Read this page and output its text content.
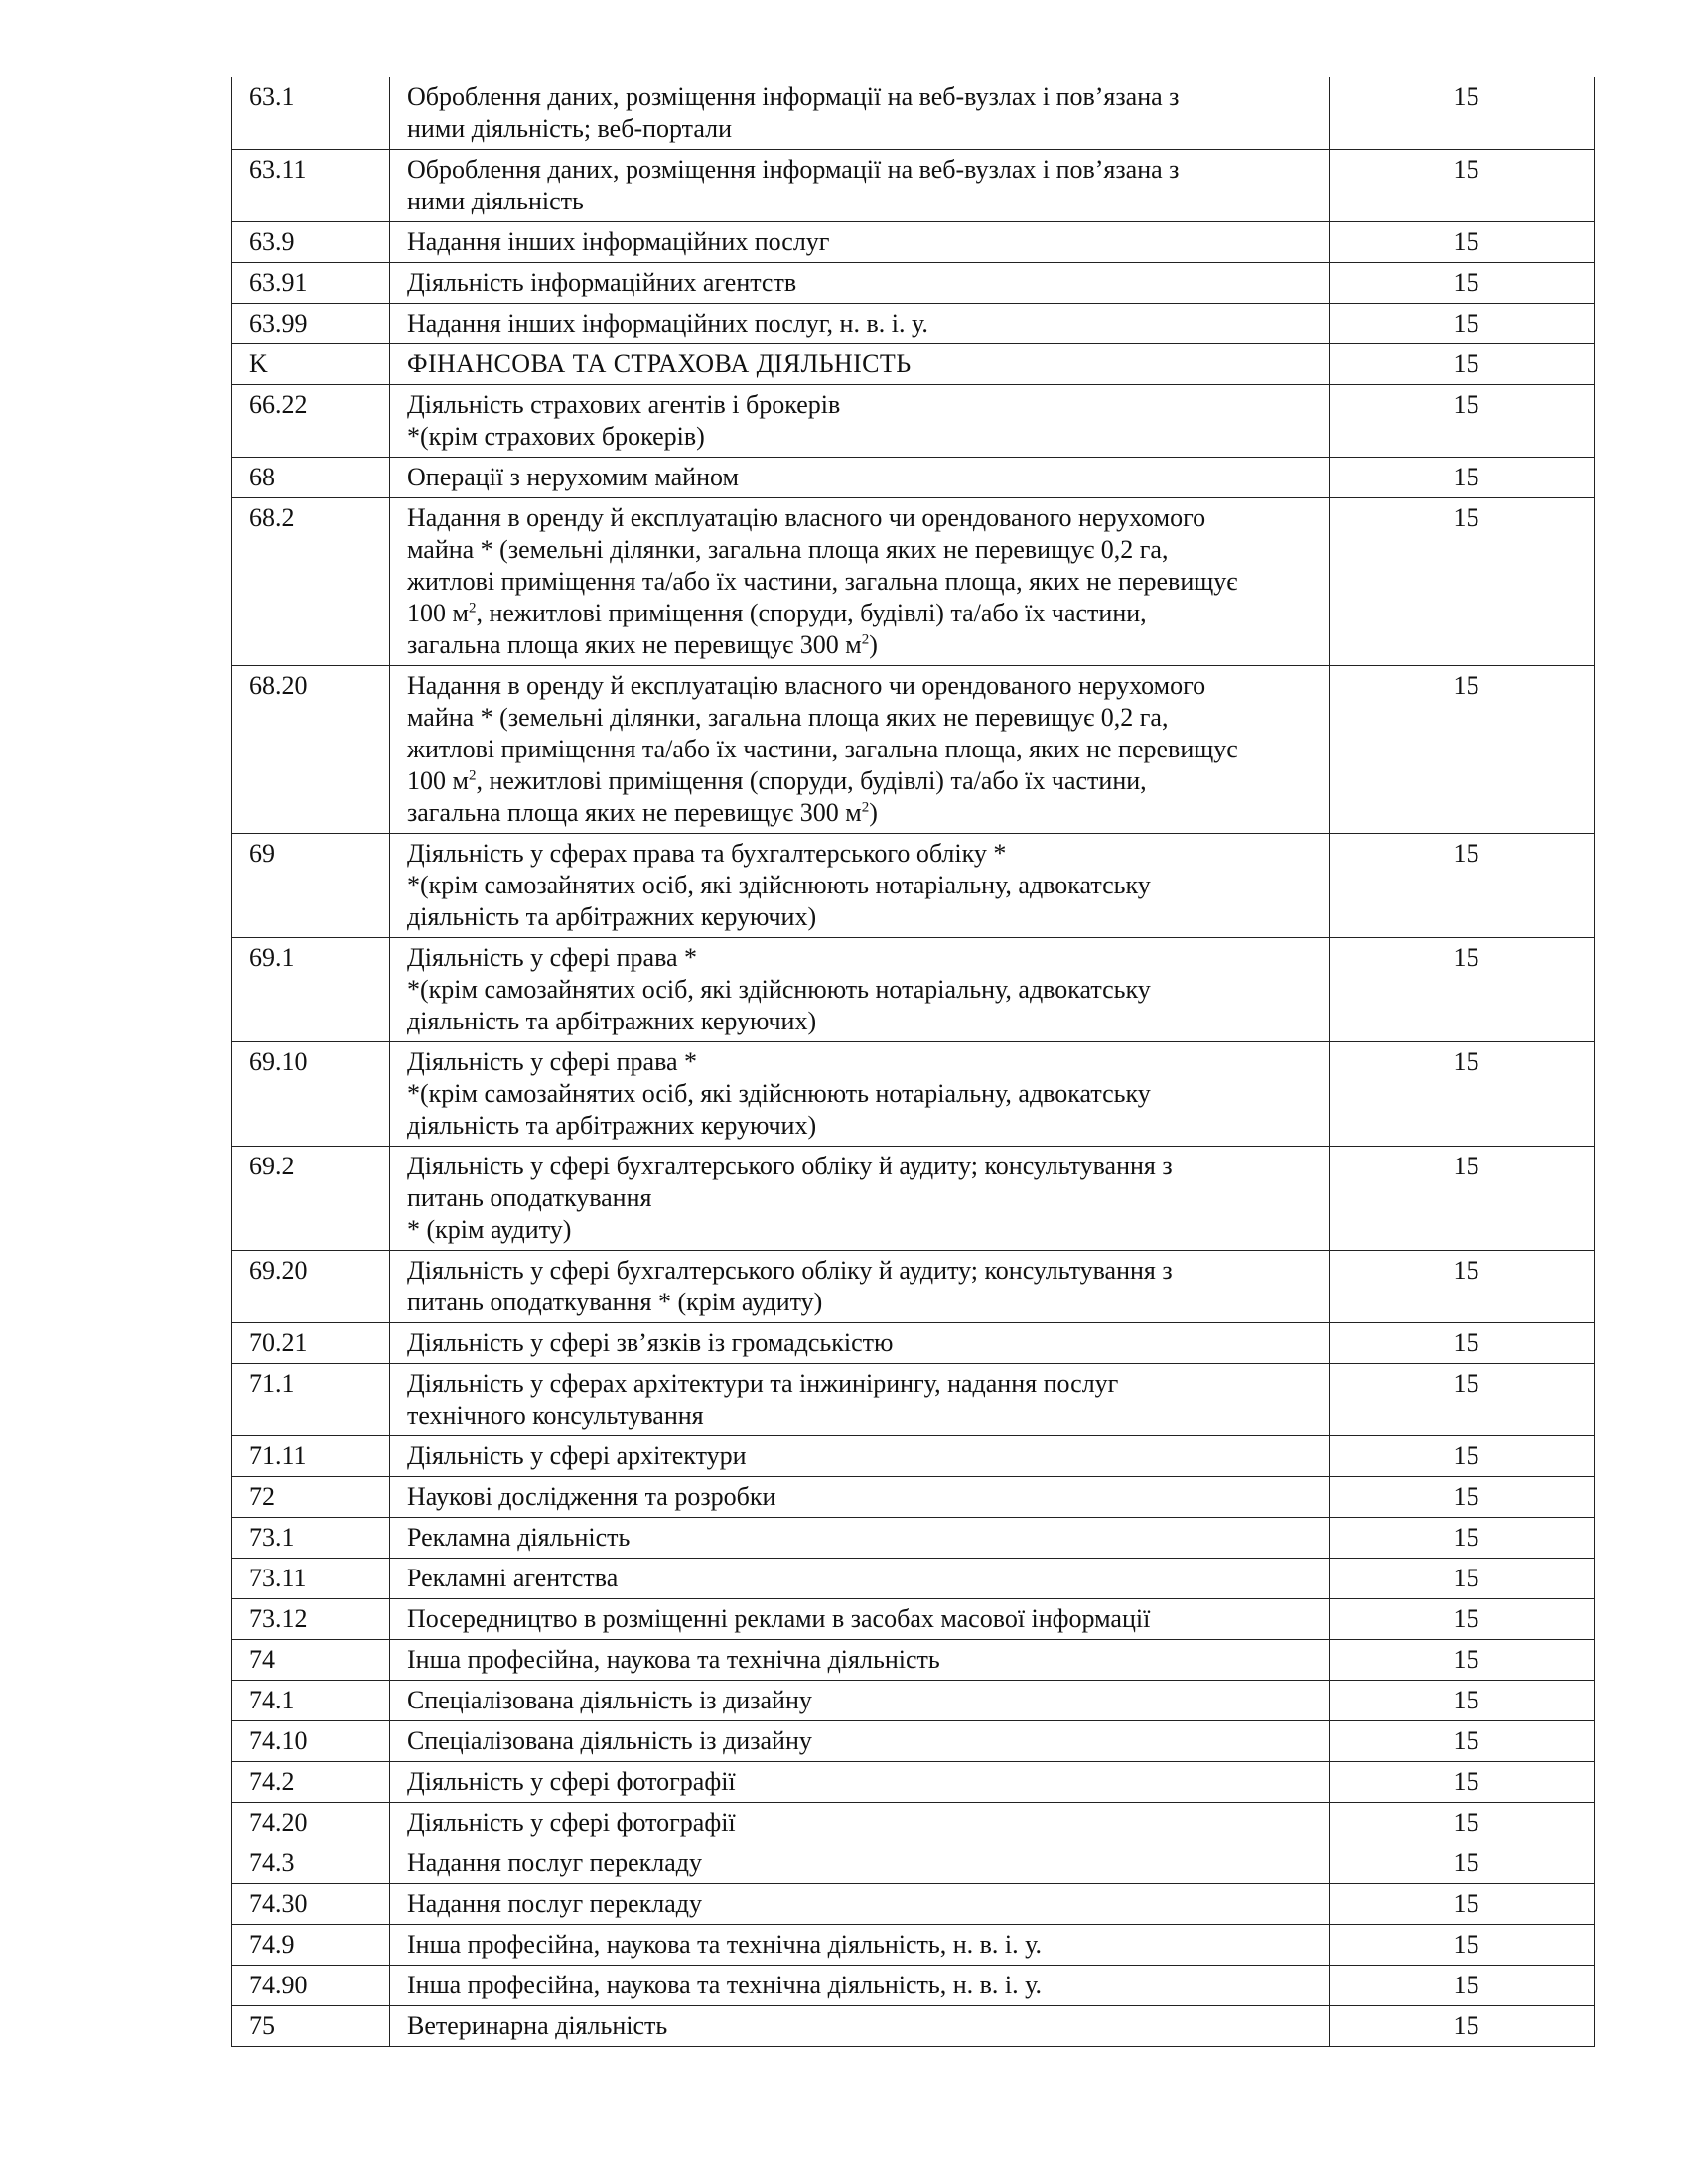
63.1	Оброблення даних, розміщення інформації на веб-вузлах і пов’язана з
ними діяльність; веб-портали	15
63.11	Оброблення даних, розміщення інформації на веб-вузлах і пов’язана з
ними діяльність	15
63.9	Надання інших інформаційних послуг	15
63.91	Діяльність інформаційних агентств	15
63.99	Надання інших інформаційних послуг, н. в. і. у.	15
K	ФІНАНСОВА ТА СТРАХОВА ДІЯЛЬНІСТЬ	15
66.22	Діяльність страхових агентів і брокерів
*(крім страхових брокерів)	15
68	Операції з нерухомим майном	15
68.2	Надання в оренду й експлуатацію власного чи орендованого нерухомого
майна * (земельні ділянки, загальна площа яких не перевищує 0,2 га,
житлові приміщення та/або їх частини, загальна площа, яких не перевищує
100 $м^2$, нежитлові приміщення (споруди, будівлі) та/або їх частини,
загальна площа яких не перевищує 300 $м^2$)	15
68.20	Надання в оренду й експлуатацію власного чи орендованого нерухомого
майна * (земельні ділянки, загальна площа яких не перевищує 0,2 га,
житлові приміщення та/або їх частини, загальна площа, яких не перевищує
100 $м^2$, нежитлові приміщення (споруди, будівлі) та/або їх частини,
загальна площа яких не перевищує 300 $м^2$)	15
69	Діяльність у сферах права та бухгалтерського обліку *
*(крім самозайнятих осіб, які здійснюють нотаріальну, адвокатську
діяльність та арбітражних керуючих)	15
69.1	Діяльність у сфері права *
*(крім самозайнятих осіб, які здійснюють нотаріальну, адвокатську
діяльність та арбітражних керуючих)	15
69.10	Діяльність у сфері права *
*(крім самозайнятих осіб, які здійснюють нотаріальну, адвокатську
діяльність та арбітражних керуючих)	15
69.2	Діяльність у сфері бухгалтерського обліку й аудиту; консультування з
питань оподаткування
* (крім аудиту)	15
69.20	Діяльність у сфері бухгалтерського обліку й аудиту; консультування з
питань оподаткування * (крім аудиту)	15
70.21	Діяльність у сфері зв’язків із громадськістю	15
71.1	Діяльність у сферах архітектури та інжинірингу, надання послуг
технічного консультування	15
71.11	Діяльність у сфері архітектури	15
72	Наукові дослідження та розробки	15
73.1	Рекламна діяльність	15
73.11	Рекламні агентства	15
73.12	Посередництво в розміщенні реклами в засобах масової інформації	15
74	Інша професійна, наукова та технічна діяльність	15
74.1	Спеціалізована діяльність із дизайну	15
74.10	Спеціалізована діяльність із дизайну	15
74.2	Діяльність у сфері фотографії	15
74.20	Діяльність у сфері фотографії	15
74.3	Надання послуг перекладу	15
74.30	Надання послуг перекладу	15
74.9	Інша професійна, наукова та технічна діяльність, н. в. і. у.	15
74.90	Інша професійна, наукова та технічна діяльність, н. в. і. у.	15
75	Ветеринарна діяльність	15
